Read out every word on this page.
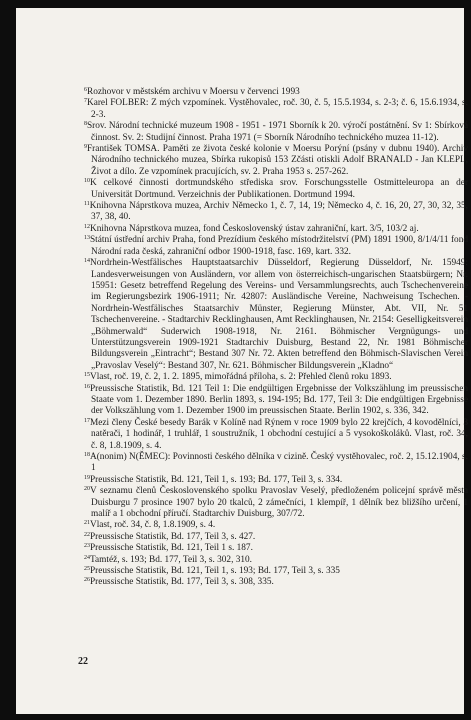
$^6$Rozhovor v městském archivu v Moersu v červenci 1993

$^7$Karel FOLBER: Z mých vzpomínek. Vystěhovalec, roč. 30, č. 5, 15.5.1934, s. 2-3; č. 6, 15.6.1934, s. 2-3.

$^8$Srov. Národní technické muzeum 1908 - 1951 - 1971 Sborník k 20. výročí postátnění. Sv 1: Sbírková činnost. Sv. 2: Studijní činnost. Praha 1971 (= Sborník Národního technického muzea 11-12).

$^9$František TOMSA. Paměti ze života české kolonie v Moersu Porýní (psány v dubnu 1940). Archiv Národního technického muzea, Sbírka rukopisů 153 Zčásti otiskli Adolf BRANALD - Jan KLEPL, Život a dílo. Ze vzpomínek pracujících, sv. 2. Praha 1953 s. 257-262.

$^{10}$K celkové činnosti dortmundského střediska srov. Forschungsstelle Ostmitteleuropa an der Universität Dortmund. Verzeichnis der Publikationen. Dortmund 1994.

$^{11}$Knihovna Náprstkova muzea, Archiv Německo 1, č. 7, 14, 19; Německo 4, č. 16, 20, 27, 30, 32, 35, 37, 38, 40.

$^{12}$Knihovna Náprstkova muzea, fond Československý ústav zahraniční, kart. 3/5, 103/2 aj.

$^{13}$Státní ústřední archiv Praha, fond Prezídium českého místodržitelství (PM) 1891 1900, 8/1/4/11 fond Národní rada česká, zahraniční odbor 1900-1918, fasc. 169, kart. 332.

$^{14}$Nordrhein-Westfälisches Hauptstaatsarchiv Düsseldorf, Regierung Düsseldorf, Nr. 15949: Landesverweisungen von Ausländern, vor allem von österreichisch-ungarischen Staatsbürgern; Nr. 15951: Gesetz betreffend Regelung des Vereins- und Versammlungsrechts, auch Tschechenvereine im Regierungsbezirk 1906-1911; Nr. 42807: Ausländische Vereine, Nachweisung Tschechen. - Nordrhein-Westfälisches Staatsarchiv Münster, Regierung Münster, Abt. VII, Nr. 51 Tschechenvereine. - Stadtarchiv Recklinghausen, Amt Recklinghausen, Nr. 2154: Geselligkeitsverein „Böhmerwald“ Suderwich 1908-1918, Nr. 2161. Böhmischer Vergnügungs- und Unterstützungsverein 1909-1921 Stadtarchiv Duisburg, Bestand 22, Nr. 1981 Böhmischer Bildungsverein „Eintracht“; Bestand 307 Nr. 72. Akten betreffend den Böhmisch-Slavischen Verein „Pravoslav Veselý“: Bestand 307, Nr. 621. Böhmischer Bildungsverein „Kladno“

$^{15}$Vlast, roč. 19, č. 2, 1. 2. 1895, mimořádná příloha, s. 2: Přehled členů roku 1893.

$^{16}$Preussische Statistik, Bd. 121 Teil 1: Die endgültigen Ergebnisse der Volkszählung im preussischen Staate vom 1. Dezember 1890. Berlin 1893, s. 194-195; Bd. 177, Teil 3: Die endgültigen Ergebnisse der Volkszählung vom 1. Dezember 1900 im preussischen Staate. Berlin 1902, s. 336, 342.

$^{17}$Mezi členy České besedy Barák v Kolíně nad Rýnem v roce 1909 bylo 22 krejčích, 4 kovodělníci, 3 natěrači, 1 hodinář, 1 truhlář, 1 soustružník, 1 obchodní cestující a 5 vysokoškoláků. Vlast, roč. 34, č. 8, 1.8.1909, s. 4.

$^{18}$A(nonim) N(ĚMEC): Povinnosti českého dělníka v cizině. Český vystěhovalec, roč. 2, 15.12.1904, s. 1

$^{19}$Preussische Statistik, Bd. 121, Teil 1, s. 193; Bd. 177, Teil 3, s. 334.

$^{20}$V seznamu členů Československého spolku Pravoslav Veselý, předloženém policejní správě města Duisburgu 7 prosince 1907 bylo 20 tkalců, 2 zámečníci, 1 klempíř, 1 dělník bez bližšího určení, 1 malíř a 1 obchodní příručí. Stadtarchiv Duisburg, 307/72.

$^{21}$Vlast, roč. 34, č. 8, 1.8.1909, s. 4.

$^{22}$Preussische Statistik, Bd. 177, Teil 3, s. 427.

$^{23}$Preussische Statistik, Bd. 121, Teil 1 s. 187.

$^{24}$Tamtéž, s. 193; Bd. 177, Teil 3, s. 302, 310.

$^{25}$Preussische Statistik, Bd. 121, Teil 1, s. 193; Bd. 177, Teil 3, s. 335

$^{26}$Preussische Statistik, Bd. 177, Teil 3, s. 308, 335.

22
